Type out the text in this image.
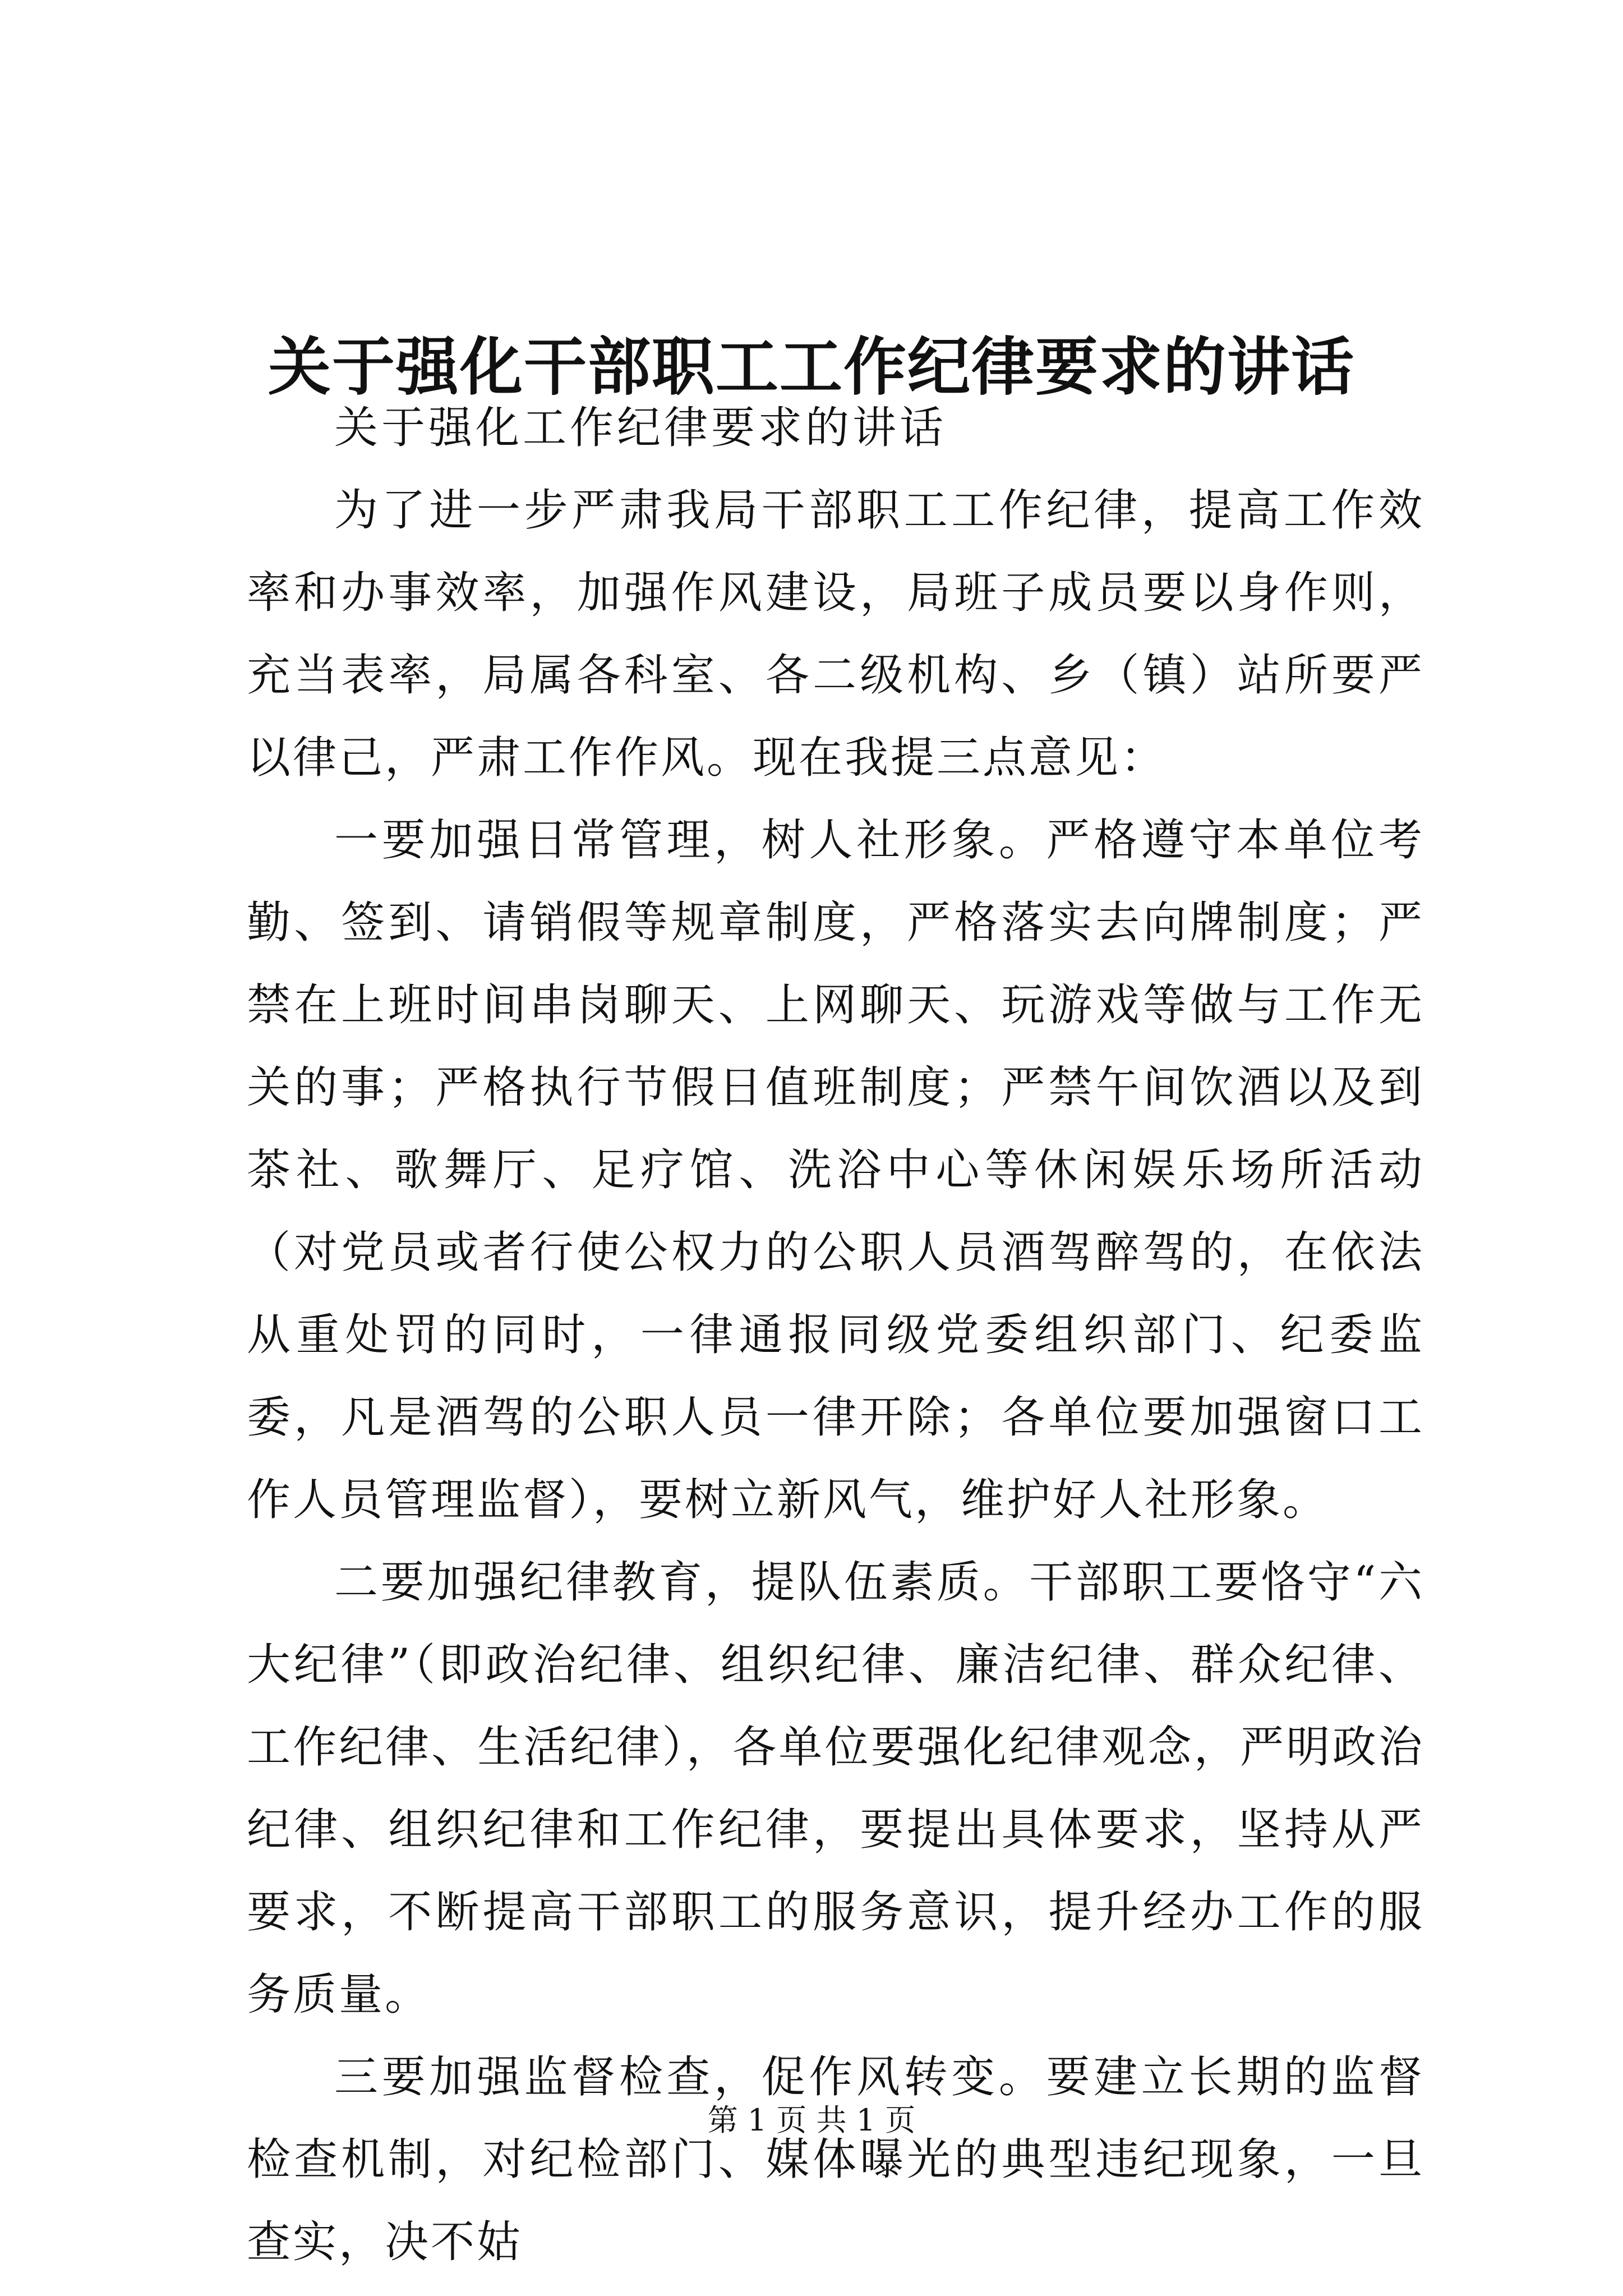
关于强化干部职工工作纪律要求的讲话

关于强化工作纪律要求的讲话

为了进一步严肃我局干部职工工作纪律，提高工作效率和办事效率，加强作风建设，局班子成员要以身作则，充当表率，局属各科室、各二级机构、乡（镇）站所要严以律己，严肃工作作风。现在我提三点意见：

一要加强日常管理，树人社形象。严格遵守本单位考勤、签到、请销假等规章制度，严格落实去向牌制度；严禁在上班时间串岗聊天、上网聊天、玩游戏等做与工作无关的事；严格执行节假日值班制度；严禁午间饮酒以及到茶社、歌舞厅、足疗馆、洗浴中心等休闲娱乐场所活动（对党员或者行使公权力的公职人员酒驾醉驾的，在依法从重处罚的同时，一律通报同级党委组织部门、纪委监委，凡是酒驾的公职人员一律开除；各单位要加强窗口工作人员管理监督），要树立新风气，维护好人社形象。

二要加强纪律教育，提队伍素质。干部职工要恪守“六大纪律”（即政治纪律、组织纪律、廉洁纪律、群众纪律、工作纪律、生活纪律），各单位要强化纪律观念，严明政治纪律、组织纪律和工作纪律，要提出具体要求，坚持从严要求，不断提高干部职工的服务意识，提升经办工作的服务质量。

三要加强监督检查，促作风转变。要建立长期的监督检查机制，对纪检部门、媒体曝光的典型违纪现象，一旦查实，决不姑

第 1 页 共 1 页
